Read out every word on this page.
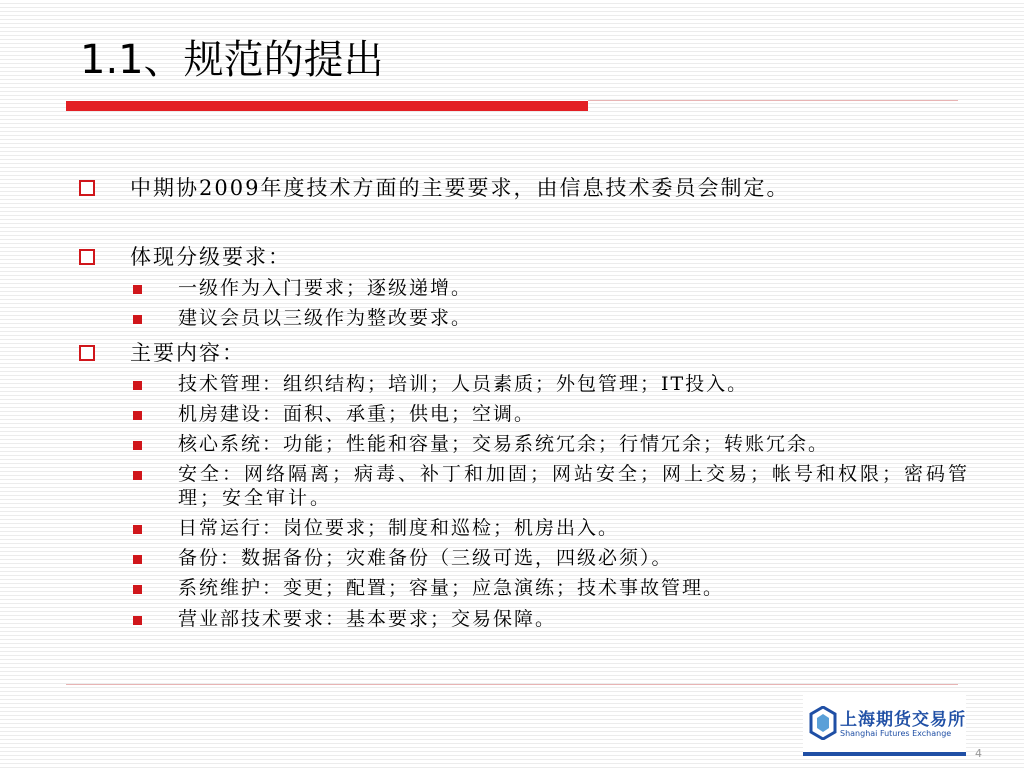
1.1、规范的提出
中期协2009年度技术方面的主要要求，由信息技术委员会制定。
体现分级要求：
一级作为入门要求；逐级递增。
建议会员以三级作为整改要求。
主要内容：
技术管理：组织结构；培训；人员素质；外包管理；IT投入。
机房建设：面积、承重；供电；空调。
核心系统：功能；性能和容量；交易系统冗余；行情冗余；转账冗余。
安全：网络隔离；病毒、补丁和加固；网站安全；网上交易；帐号和权限；密码管理；安全审计。
日常运行：岗位要求；制度和巡检；机房出入。
备份：数据备份；灾难备份（三级可选，四级必须）。
系统维护：变更；配置；容量；应急演练；技术事故管理。
营业部技术要求：基本要求；交易保障。
上海期货交易所
Shanghai Futures Exchange
4
